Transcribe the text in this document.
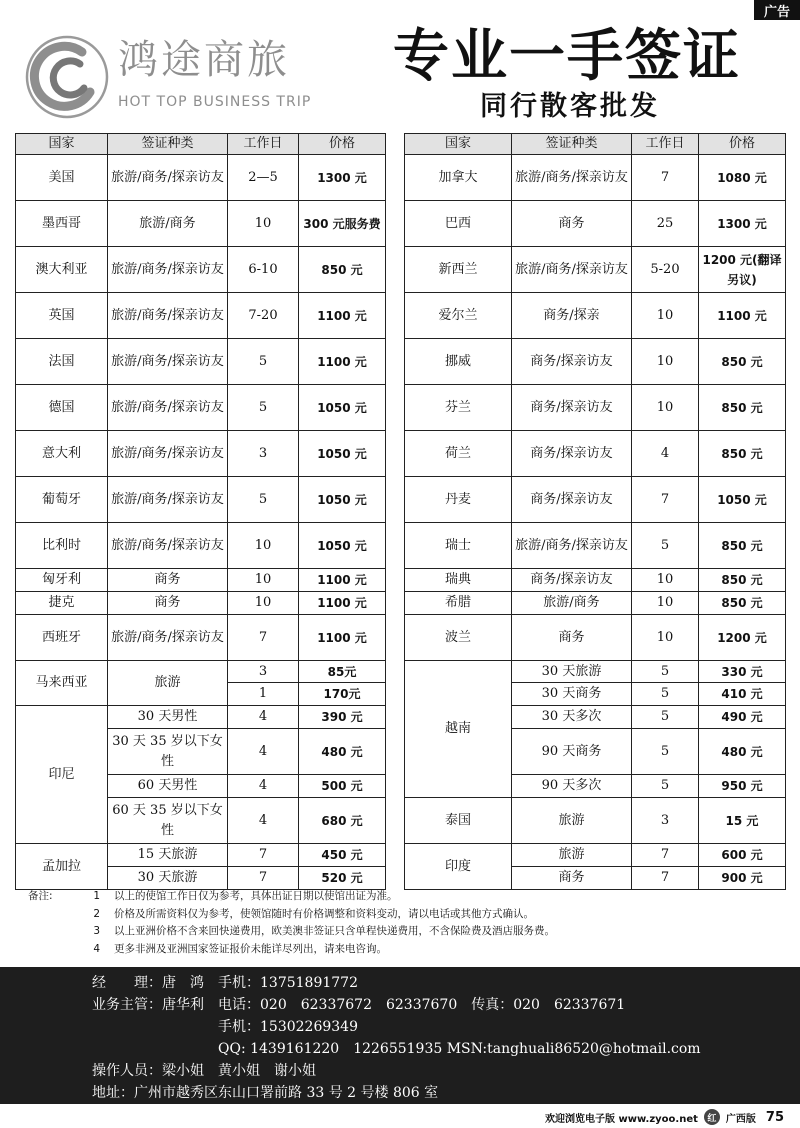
广告
鸿途商旅
HOT TOP BUSINESS TRIP
专业一手签证
同行散客批发
国家	签证种类	工作日	价格
美国	旅游/商务/探亲访友	2—5	1300 元
墨西哥	旅游/商务	10	300 元服务费
澳大利亚	旅游/商务/探亲访友	6-10	850 元
英国	旅游/商务/探亲访友	7-20	1100 元
法国	旅游/商务/探亲访友	5	1100 元
德国	旅游/商务/探亲访友	5	1050 元
意大利	旅游/商务/探亲访友	3	1050 元
葡萄牙	旅游/商务/探亲访友	5	1050 元
比利时	旅游/商务/探亲访友	10	1050 元
匈牙利	商务	10	1100 元
捷克	商务	10	1100 元
西班牙	旅游/商务/探亲访友	7	1100 元
马来西亚	旅游	3	85元
		1	170元
印尼	30 天男性	4	390 元
	30 天 35 岁以下女性	4	480 元
	60 天男性	4	500 元
	60 天 35 岁以下女性	4	680 元
孟加拉	15 天旅游	7	450 元
	30 天旅游	7	520 元
国家	签证种类	工作日	价格
加拿大	旅游/商务/探亲访友	7	1080 元
巴西	商务	25	1300 元
新西兰	旅游/商务/探亲访友	5-20	1200 元(翻译另议)
爱尔兰	商务/探亲	10	1100 元
挪威	商务/探亲访友	10	850 元
芬兰	商务/探亲访友	10	850 元
荷兰	商务/探亲访友	4	850 元
丹麦	商务/探亲访友	7	1050 元
瑞士	旅游/商务/探亲访友	5	850 元
瑞典	商务/探亲访友	10	850 元
希腊	旅游/商务	10	850 元
波兰	商务	10	1200 元
越南	30 天旅游	5	330 元
	30 天商务	5	410 元
	30 天多次	5	490 元
	90 天商务	5	480 元
	90 天多次	5	950 元
泰国	旅游	3	15 元
印度	旅游	7	600 元
	商务	7	900 元
备注:	1	以上的使馆工作日仅为参考，具体出证日期以使馆出证为准。
2	价格及所需资料仅为参考，使领馆随时有价格调整和资料变动，请以电话或其他方式确认。
3	以上亚洲价格不含来回快递费用，欧美澳非签证只含单程快递费用，不含保险费及酒店服务费。
4	更多非洲及亚洲国家签证报价未能详尽列出，请来电咨询。
经　　理：唐　鸿　手机：13751891772
业务主管：唐华利　电话：020　62337672　62337670　传真：020　62337671
　　　　　　　　　手机：15302269349
　　　　　　　　　QQ: 1439161220　1226551935 MSN:tanghuali86520@hotmail.com
操作人员：梁小姐　黄小姐　谢小姐
地址：广州市越秀区东山口署前路 33 号 2 号楼 806 室
欢迎浏览电子版 www.zyoo.net	红 广西版 75
